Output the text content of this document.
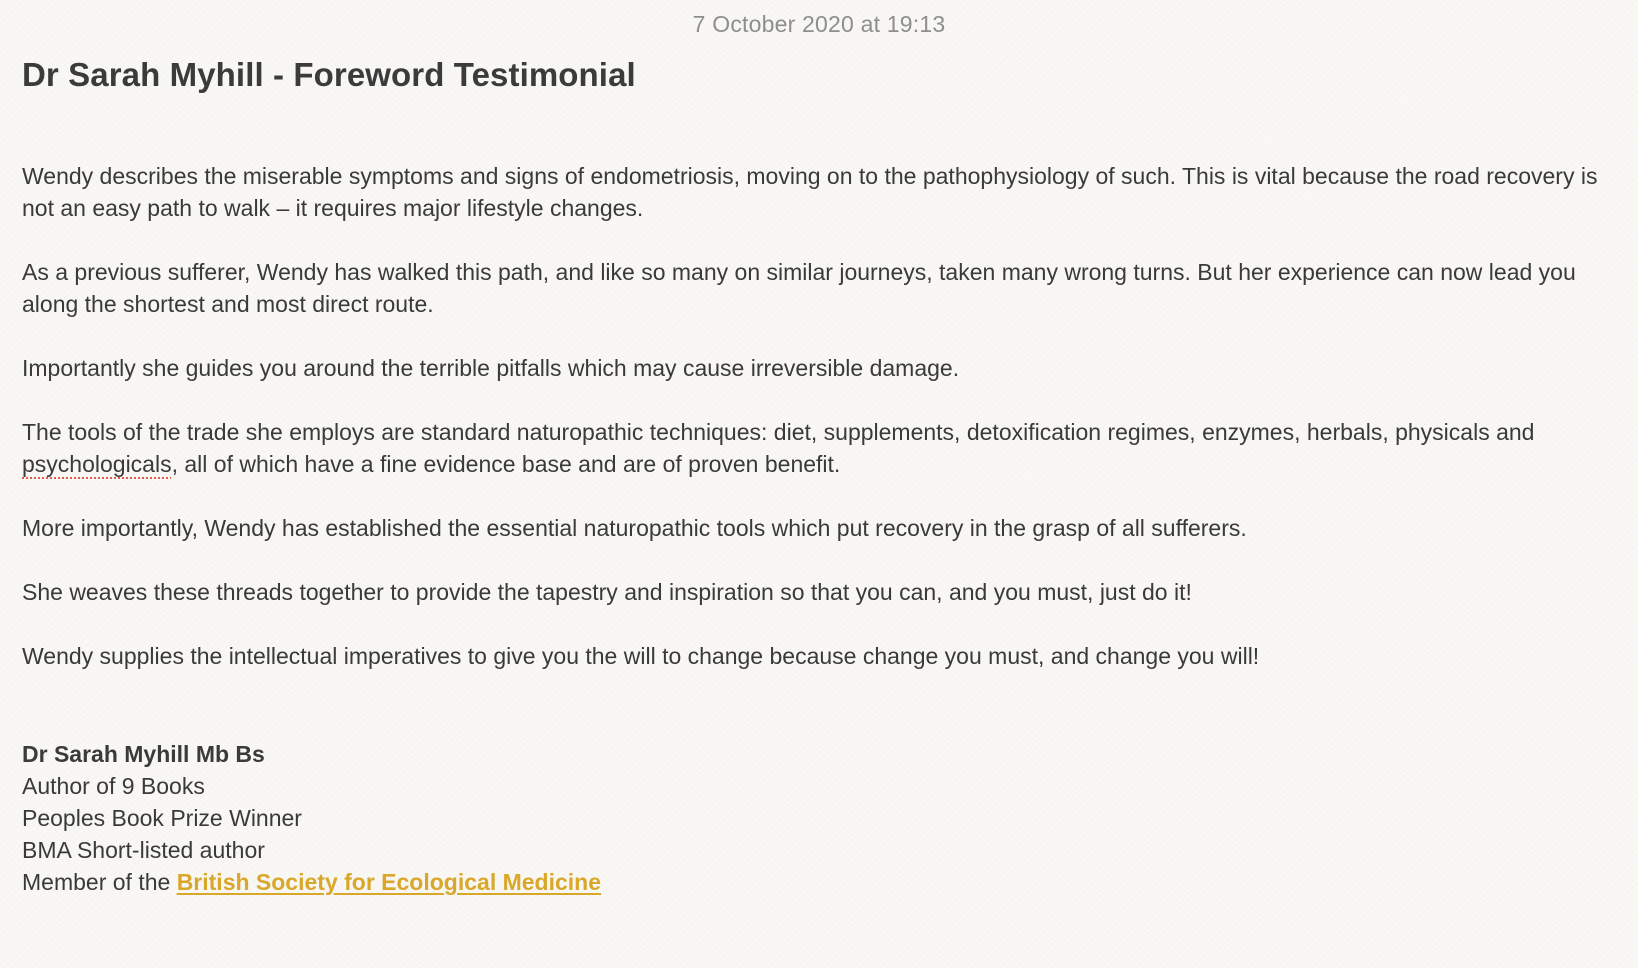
7 October 2020 at 19:13
Dr Sarah Myhill - Foreword Testimonial

Wendy describes the miserable symptoms and signs of endometriosis, moving on to the pathophysiology of such. This is vital because the road recovery is not an easy path to walk – it requires major lifestyle changes.

As a previous sufferer, Wendy has walked this path, and like so many on similar journeys, taken many wrong turns. But her experience can now lead you along the shortest and most direct route.

Importantly she guides you around the terrible pitfalls which may cause irreversible damage.

The tools of the trade she employs are standard naturopathic techniques: diet, supplements, detoxification regimes, enzymes, herbals, physicals and psychologicals, all of which have a fine evidence base and are of proven benefit.

More importantly, Wendy has established the essential naturopathic tools which put recovery in the grasp of all sufferers.

She weaves these threads together to provide the tapestry and inspiration so that you can, and you must, just do it!

Wendy supplies the intellectual imperatives to give you the will to change because change you must, and change you will!

Dr Sarah Myhill Mb Bs
Author of 9 Books
Peoples Book Prize Winner
BMA Short-listed author
Member of the British Society for Ecological Medicine
